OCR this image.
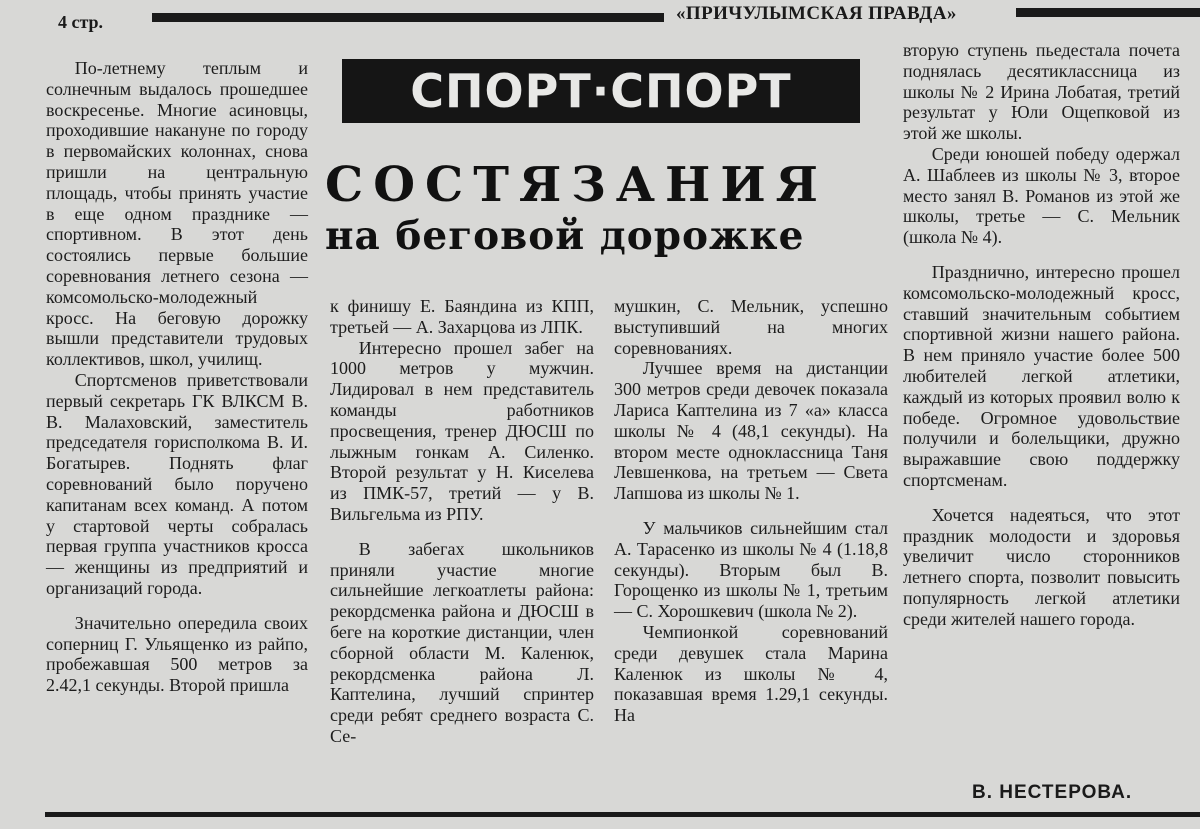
4 стр.	«ПРИЧУЛЫМСКАЯ ПРАВДА»
СПОРТ·СПОРТ
СОСТЯЗАНИЯ
на беговой дорожке

По-летнему теплым и солнечным выдалось прошедшее воскресенье. Многие асиновцы, проходившие накануне по городу в первомайских колоннах, снова пришли на центральную площадь, чтобы принять участие в еще одном празднике — спортивном. В этот день состоялись первые большие соревнования летнего сезона — комсомольско-молодежный кросс. На беговую дорожку вышли представители трудовых коллективов, школ, училищ.

Спортсменов приветствовали первый секретарь ГК ВЛКСМ В. В. Малаховский, заместитель председателя горисполкома В. И. Богатырев. Поднять флаг соревнований было поручено капитанам всех команд. А потом у стартовой черты собралась первая группа участников кросса — женщины из предприятий и организаций города.

Значительно опередила своих соперниц Г. Ульященко из райпо, пробежавшая 500 метров за 2.42,1 секунды. Второй пришла

к финишу Е. Баяндина из КПП, третьей — А. Захарцова из ЛПК.

Интересно прошел забег на 1000 метров у мужчин. Лидировал в нем представитель команды работников просвещения, тренер ДЮСШ по лыжным гонкам А. Силенко. Второй результат у Н. Киселева из ПМК-57, третий — у В. Вильгельма из РПУ.

В забегах школьников приняли участие многие сильнейшие легкоатлеты района: рекордсменка района и ДЮСШ в беге на короткие дистанции, член сборной области М. Каленюк, рекордсменка района Л. Каптелина, лучший спринтер среди ребят среднего возраста С. Се-

мушкин, С. Мельник, успешно выступивший на многих соревнованиях.

Лучшее время на дистанции 300 метров среди девочек показала Лариса Каптелина из 7 «а» класса школы № 4 (48,1 секунды). На втором месте одноклассница Таня Левшенкова, на третьем — Света Лапшова из школы № 1.

У мальчиков сильнейшим стал А. Тарасенко из школы № 4 (1.18,8 секунды). Вторым был В. Горощенко из школы № 1, третьим — С. Хорошкевич (школа № 2).

Чемпионкой соревнований среди девушек стала Марина Каленюк из школы № 4, показавшая время 1.29,1 секунды. На

вторую ступень пьедестала почета поднялась десятиклассница из школы № 2 Ирина Лобатая, третий результат у Юли Ощепковой из этой же школы.

Среди юношей победу одержал А. Шаблеев из школы № 3, второе место занял В. Романов из этой же школы, третье — С. Мельник (школа № 4).

Празднично, интересно прошел комсомольско-молодежный кросс, ставший значительным событием спортивной жизни нашего района. В нем приняло участие более 500 любителей легкой атлетики, каждый из которых проявил волю к победе. Огромное удовольствие получили и болельщики, дружно выражавшие свою поддержку спортсменам.

Хочется надеяться, что этот праздник молодости и здоровья увеличит число сторонников летнего спорта, позволит повысить популярность легкой атлетики среди жителей нашего города.

В. НЕСТЕРОВА.
